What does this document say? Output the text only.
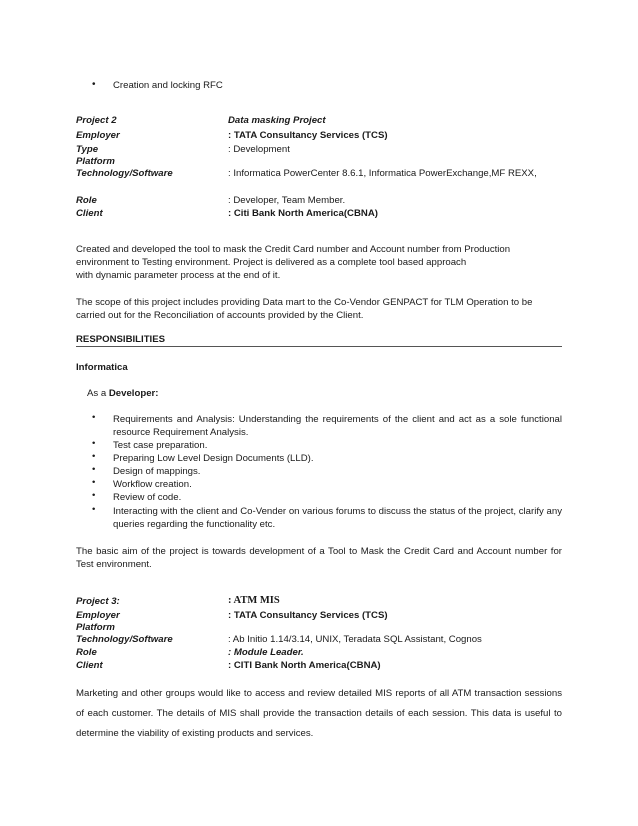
• Creation and locking RFC
Project 2	Data masking Project
Employer	: TATA Consultancy Services (TCS)
Type	: Development
Platform
Technology/Software	: Informatica PowerCenter 8.6.1, Informatica PowerExchange,MF REXX,
Role	: Developer, Team Member.
Client	: Citi Bank North America(CBNA)
Created and developed the tool to mask the Credit Card number and Account number from Production
environment to Testing environment. Project is delivered as a complete tool based approach
with dynamic parameter process at the end of it.
The scope of this project includes providing Data mart to the Co-Vendor GENPACT for TLM Operation to be carried out for the Reconciliation of accounts provided by the Client.
RESPONSIBILITIES
Informatica
As a Developer:
• Requirements and Analysis: Understanding the requirements of the client and act as a sole functional resource Requirement Analysis.
• Test case preparation.
• Preparing Low Level Design Documents (LLD).
• Design of mappings.
• Workflow creation.
• Review of code.
• Interacting with the client and Co-Vender on various forums to discuss the status of the project, clarify any queries regarding the functionality etc.
The basic aim of the project is towards development of a Tool to Mask the Credit Card and Account number for Test environment.
Project 3:	: ATM MIS
Employer	: TATA Consultancy Services (TCS)
Platform
Technology/Software	: Ab Initio 1.14/3.14, UNIX, Teradata SQL Assistant, Cognos
Role	: Module Leader.
Client	: CITI Bank North America(CBNA)
Marketing and other groups would like to access and review detailed MIS reports of all ATM transaction sessions of each customer. The details of MIS shall provide the transaction details of each session. This data is useful to determine the viability of existing products and services.
